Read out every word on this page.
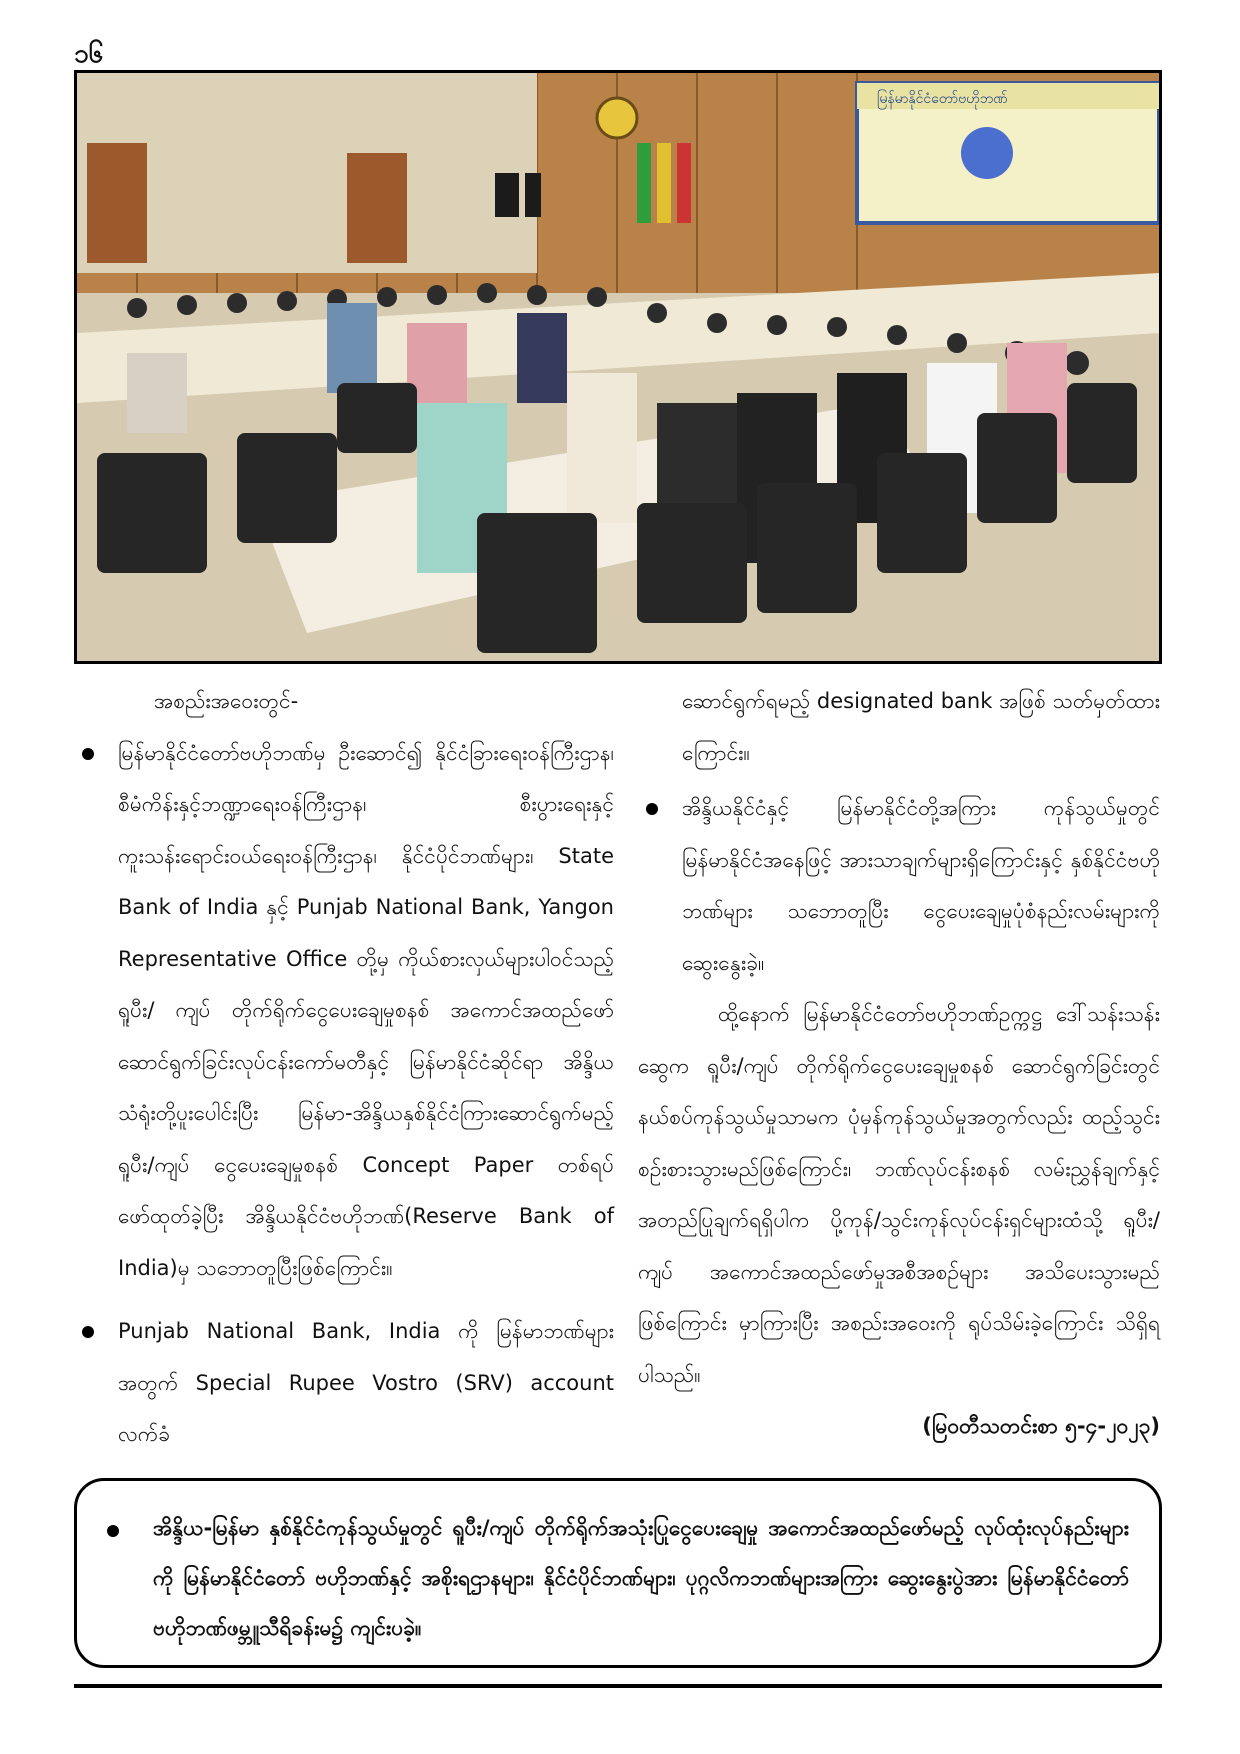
၁၆
မြန်မာနိုင်ငံတော်ဗဟိုဘဏ်

အစည်းအဝေးတွင်-

မြန်မာနိုင်ငံတော်ဗဟိုဘဏ်မှ ဦးဆောင်၍ နိုင်ငံခြားရေးဝန်ကြီးဌာန၊ စီမံကိန်းနှင့်ဘဏ္ဍာရေးဝန်ကြီးဌာန၊ စီးပွားရေးနှင့်ကူးသန်းရောင်းဝယ်ရေးဝန်ကြီးဌာန၊ နိုင်ငံပိုင်ဘဏ်များ၊ State Bank of India နှင့် Punjab National Bank, Yangon Representative Office တို့မှ ကိုယ်စားလှယ်များပါဝင်သည့် ရူပီး/ ကျပ် တိုက်ရိုက်ငွေပေးချေမှုစနစ် အကောင်အထည်ဖော် ဆောင်ရွက်ခြင်းလုပ်ငန်းကော်မတီနှင့် မြန်မာနိုင်ငံဆိုင်ရာ အိန္ဒိယသံရုံးတို့ပူးပေါင်းပြီး မြန်မာ-အိန္ဒိယနှစ်နိုင်ငံကြားဆောင်ရွက်မည့် ရူပီး/ကျပ် ငွေပေးချေမှုစနစ် Concept Paper တစ်ရပ်ဖော်ထုတ်ခဲ့ပြီး အိန္ဒိယနိုင်ငံဗဟိုဘဏ်(Reserve Bank of India)မှ သဘောတူပြီးဖြစ်ကြောင်း။

Punjab National Bank, India ကို မြန်မာဘဏ်များအတွက် Special Rupee Vostro (SRV) account လက်ခံ

ဆောင်ရွက်ရမည့် designated bank အဖြစ် သတ်မှတ်ထားကြောင်း။

အိန္ဒိယနိုင်ငံနှင့် မြန်မာနိုင်ငံတို့အကြား ကုန်သွယ်မှုတွင် မြန်မာနိုင်ငံအနေဖြင့် အားသာချက်များရှိကြောင်းနှင့် နှစ်နိုင်ငံဗဟိုဘဏ်များ သဘောတူပြီး ငွေပေးချေမှုပုံစံနည်းလမ်းများကို ဆွေးနွေးခဲ့။

ထို့နောက် မြန်မာနိုင်ငံတော်ဗဟိုဘဏ်ဥက္ကဋ္ဌ ဒေါ်သန်းသန်းဆွေက ရူပီး/ကျပ် တိုက်ရိုက်ငွေပေးချေမှုစနစ် ဆောင်ရွက်ခြင်းတွင် နယ်စပ်ကုန်သွယ်မှုသာမက ပုံမှန်ကုန်သွယ်မှုအတွက်လည်း ထည့်သွင်းစဉ်းစားသွားမည်ဖြစ်ကြောင်း၊ ဘဏ်လုပ်ငန်းစနစ် လမ်းညွှန်ချက်နှင့် အတည်ပြုချက်ရရှိပါက ပို့ကုန်/သွင်းကုန်လုပ်ငန်းရှင်များထံသို့ ရူပီး/ ကျပ် အကောင်အထည်ဖော်မှုအစီအစဉ်များ အသိပေးသွားမည်ဖြစ်ကြောင်း မှာကြားပြီး အစည်းအဝေးကို ရုပ်သိမ်းခဲ့ကြောင်း သိရှိရပါသည်။

(မြဝတီသတင်းစာ ၅-၄-၂၀၂၃)

အိန္ဒိယ-မြန်မာ နှစ်နိုင်ငံကုန်သွယ်မှုတွင် ရူပီး/ကျပ် တိုက်ရိုက်အသုံးပြုငွေပေးချေမှု အကောင်အထည်ဖော်မည့် လုပ်ထုံးလုပ်နည်းများကို မြန်မာနိုင်ငံတော် ဗဟိုဘဏ်နှင့် အစိုးရဌာနများ၊ နိုင်ငံပိုင်ဘဏ်များ၊ ပုဂ္ဂလိကဘဏ်များအကြား ဆွေးနွေးပွဲအား မြန်မာနိုင်ငံတော် ဗဟိုဘဏ်ဖမ္ဘူသီရိခန်းမ၌ ကျင်းပခဲ့။
